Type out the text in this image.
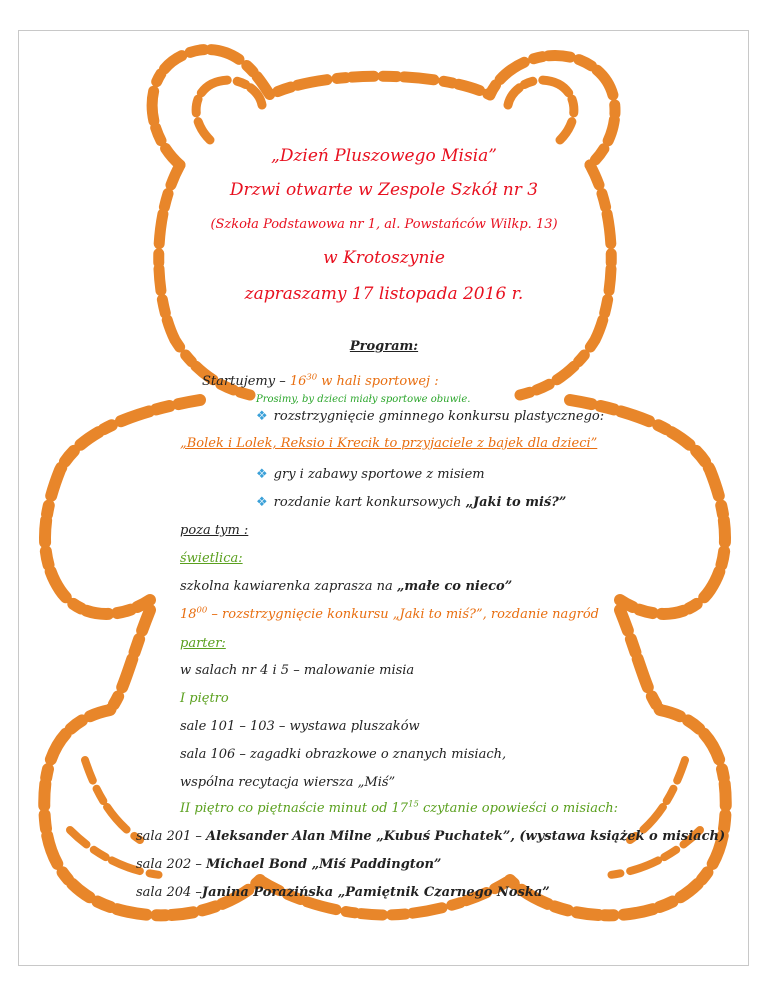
„Dzień Pluszowego Misia”
Drzwi otwarte w Zespole Szkół nr 3
(Szkoła Podstawowa nr 1, al. Powstańców Wilkp. 13)
w Krotoszynie
zapraszamy 17 listopada 2016 r.
Program:
Startujemy – $16^{30}$ w hali sportowej :
Prosimy, by dzieci miały sportowe obuwie.
❖ rozstrzygnięcie gminnego konkursu plastycznego:
„Bolek i Lolek, Reksio i Krecik to przyjaciele z bajek dla dzieci”
❖ gry i zabawy sportowe z misiem
❖ rozdanie kart konkursowych „Jaki to miś?”
poza tym :
świetlica:
szkolna kawiarenka zaprasza na „małe co nieco”
$18^{00}$ – rozstrzygnięcie konkursu „Jaki to miś?”, rozdanie nagród
parter:
w salach nr 4 i 5 – malowanie misia
I piętro
sale 101 – 103 – wystawa pluszaków
sala 106 – zagadki obrazkowe o znanych misiach,
wspólna recytacja wiersza „Miś”
II piętro co piętnaście minut od $17^{15}$ czytanie opowieści o misiach:
sala 201 – Aleksander Alan Milne „Kubuś Puchatek”, (wystawa książek o misiach)
sala 202 – Michael Bond „Miś Paddington”
sala 204 –Janina Porazińska „Pamiętnik Czarnego Noska”
